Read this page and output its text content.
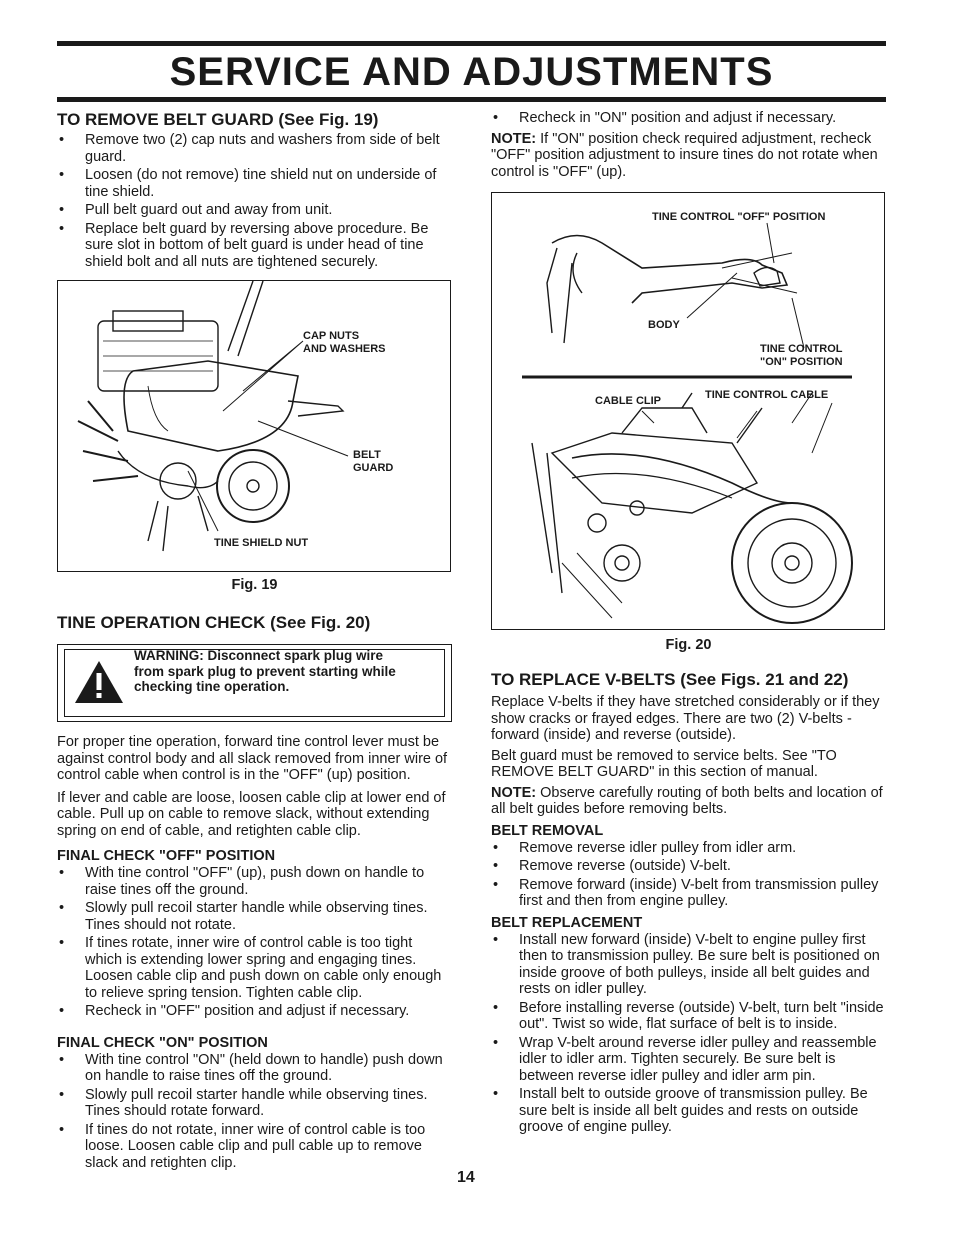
SERVICE AND ADJUSTMENTS
TO REMOVE BELT GUARD (See Fig. 19)
• Remove two (2) cap nuts and washers from side of belt guard.
• Loosen (do not remove) tine shield nut on underside of tine shield.
• Pull belt guard out and away from unit.
• Replace belt guard by reversing above procedure. Be sure slot in bottom of belt guard is under head of tine shield bolt and all nuts are tightened securely.
CAP NUTS
AND WASHERS
BELT
GUARD
TINE SHIELD NUT
Fig. 19
TINE OPERATION CHECK (See Fig. 20)
WARNING: Disconnect spark plug wire
from spark plug to prevent starting while
checking tine operation.

For proper tine operation, forward tine control lever must be against control body and all slack removed from inner wire of control cable when control is in the "OFF" (up) position.

If lever and cable are loose, loosen cable clip at lower end of cable. Pull up on cable to remove slack, without extending spring on end of cable, and retighten cable clip.

FINAL CHECK "OFF" POSITION
• With tine control "OFF" (up), push down on handle to raise tines off the ground.
• Slowly pull recoil starter handle while observing tines. Tines should not rotate.
• If tines rotate, inner wire of control cable is too tight which is extending lower spring and engaging tines. Loosen cable clip and push down on cable only enough to relieve spring tension. Tighten cable clip.
• Recheck in "OFF" position and adjust if necessary.
FINAL CHECK "ON" POSITION
• With tine control "ON" (held down to handle) push down on handle to raise tines off the ground.
• Slowly pull recoil starter handle while observing tines. Tines should rotate forward.
• If tines do not rotate, inner wire of control cable is too loose. Loosen cable clip and pull cable up to remove slack and retighten clip.
• Recheck in "ON" position and adjust if necessary.

NOTE: If "ON" position check required adjustment, recheck "OFF" position adjustment to insure tines do not rotate when control is "OFF" (up).

TINE CONTROL "OFF" POSITION
BODY
TINE CONTROL
"ON" POSITION
CABLE CLIP	TINE CONTROL CABLE
Fig. 20
TO REPLACE V-BELTS (See Figs. 21 and 22)

Replace V-belts if they have stretched considerably or if they show cracks or frayed edges. There are two (2) V-belts - forward (inside) and reverse (outside).

Belt guard must be removed to service belts. See "TO REMOVE BELT GUARD" in this section of manual.

NOTE: Observe carefully routing of both belts and location of all belt guides before removing belts.

BELT REMOVAL
• Remove reverse idler pulley from idler arm.
• Remove reverse (outside) V-belt.
• Remove forward (inside) V-belt from transmission pulley first and then from engine pulley.
BELT REPLACEMENT
• Install new forward (inside) V-belt to engine pulley first then to transmission pulley. Be sure belt is positioned on inside groove of both pulleys, inside all belt guides and rests on idler pulley.
• Before installing reverse (outside) V-belt, turn belt "inside out". Twist so wide, flat surface of belt is to inside.
• Wrap V-belt around reverse idler pulley and reassemble idler to idler arm. Tighten securely. Be sure belt is between reverse idler pulley and idler arm pin.
• Install belt to outside groove of transmission pulley. Be sure belt is inside all belt guides and rests on outside groove of engine pulley.
14
